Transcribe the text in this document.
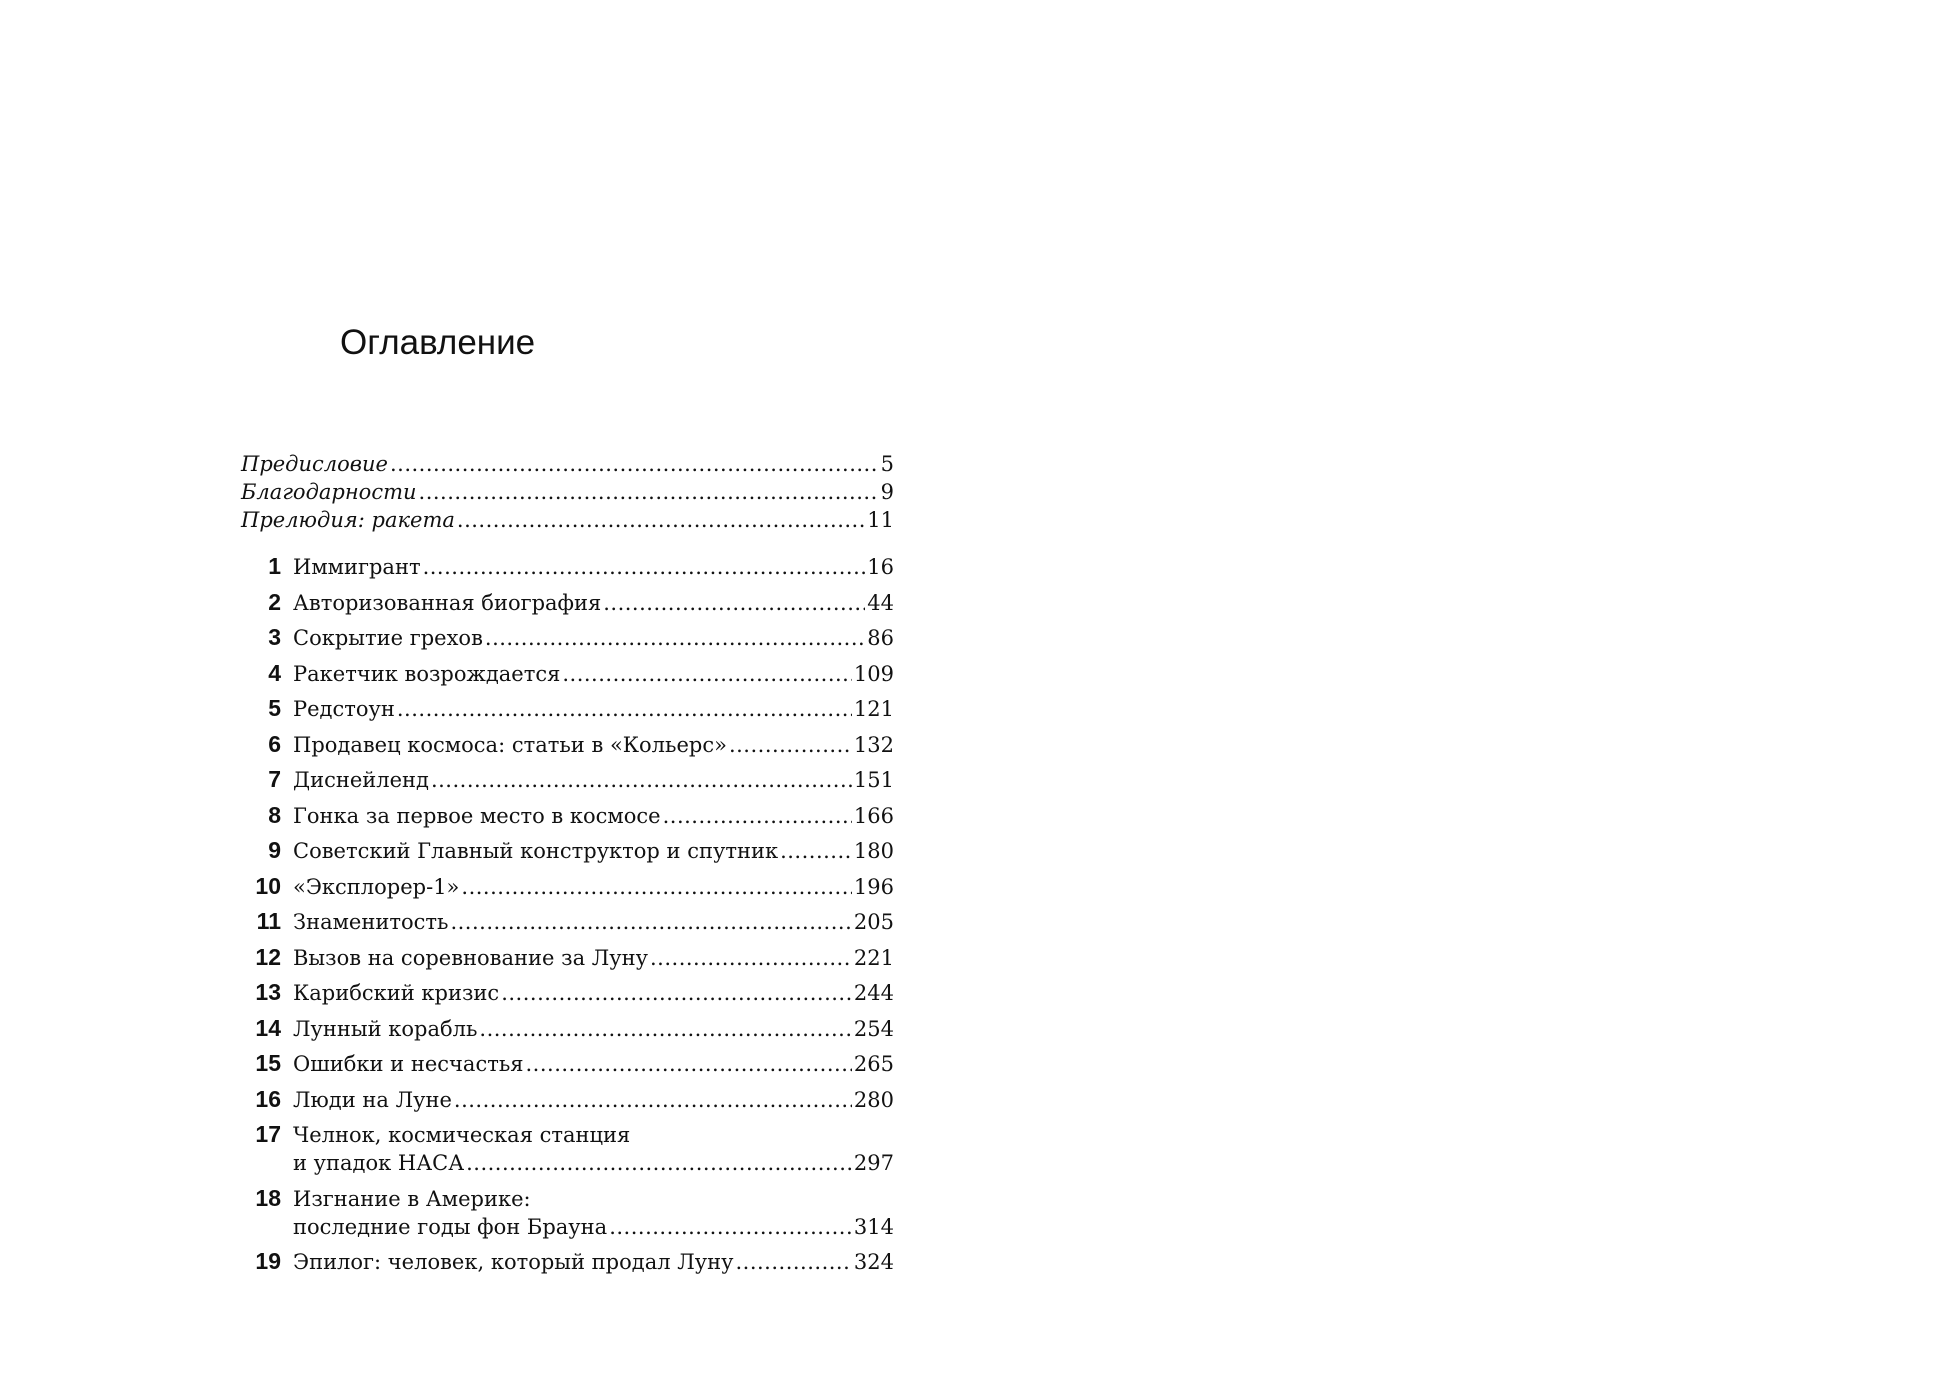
Оглавление
Предисловие .....	5
Благодарности .....	9
Прелюдия: ракета .....	11
1 Иммигрант .....	16
2 Авторизованная биография .....	44
3 Сокрытие грехов .....	86
4 Ракетчик возрождается .....	109
5 Редстоун .....	121
6 Продавец космоса: статьи в «Кольерс» .....	132
7 Диснейленд .....	151
8 Гонка за первое место в космосе .....	166
9 Советский Главный конструктор и спутник .....	180
10 «Эксплорер-1» .....	196
11 Знаменитость .....	205
12 Вызов на соревнование за Луну .....	221
13 Карибский кризис .....	244
14 Лунный корабль .....	254
15 Ошибки и несчастья .....	265
16 Люди на Луне .....	280
17 Челнок, космическая станция
и упадок НАСА .....	297
18 Изгнание в Америке:
последние годы фон Брауна .....	314
19 Эпилог: человек, который продал Луну .....	324
